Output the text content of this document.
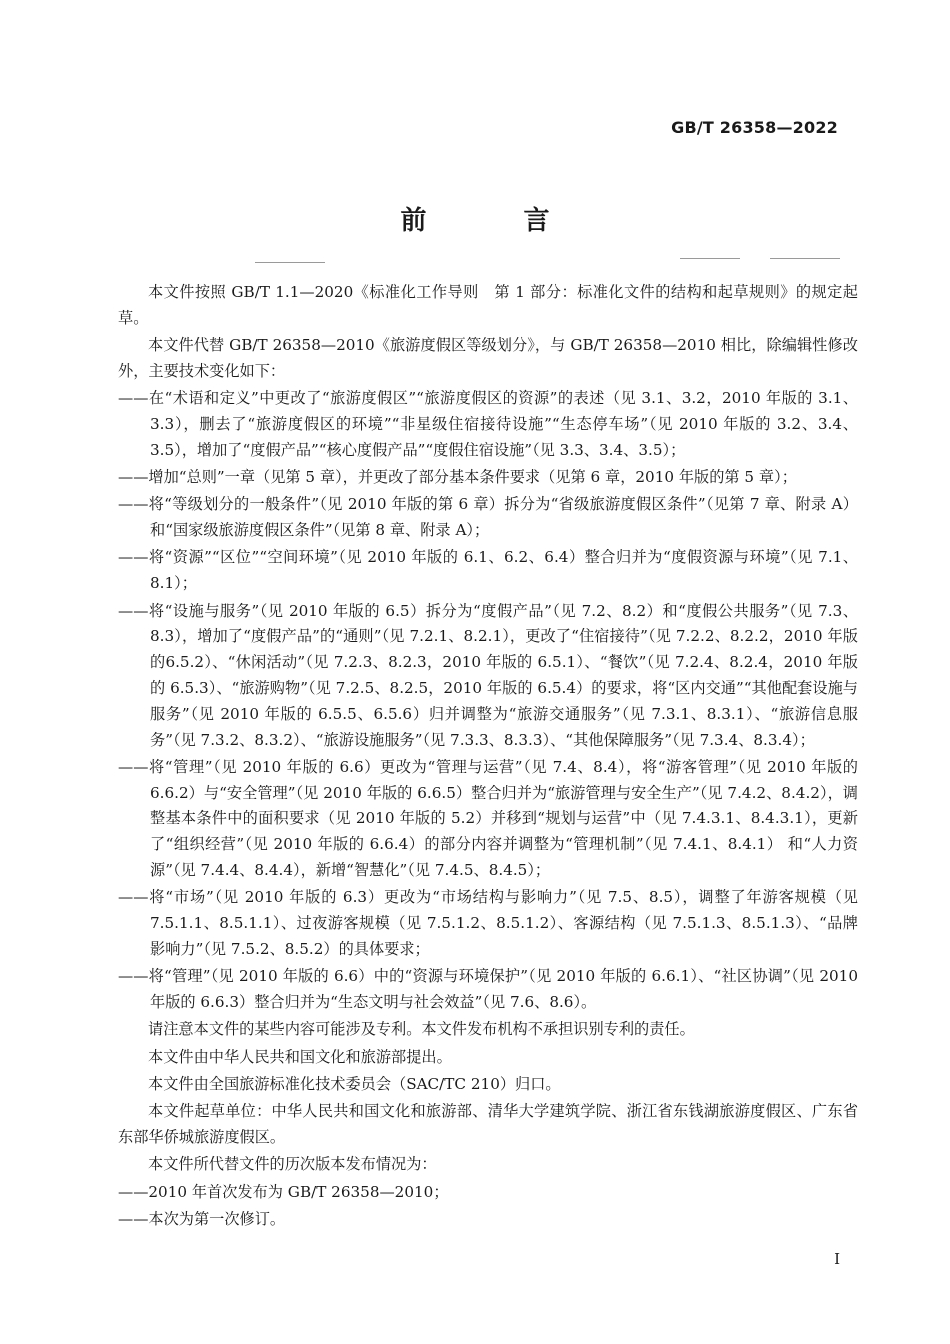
GB/T 26358—2022
前 言

本文件按照 GB/T 1.1—2020《标准化工作导则　第 1 部分：标准化文件的结构和起草规则》的规定起草。

本文件代替 GB/T 26358—2010《旅游度假区等级划分》，与 GB/T 26358—2010 相比，除编辑性修改外，主要技术变化如下：

——在“术语和定义”中更改了“旅游度假区”“旅游度假区的资源”的表述（见 3.1、3.2，2010 年版的 3.1、3.3），删去了“旅游度假区的环境”“非星级住宿接待设施”“生态停车场”（见 2010 年版的 3.2、3.4、3.5），增加了“度假产品”“核心度假产品”“度假住宿设施”（见 3.3、3.4、3.5）；

——增加“总则”一章（见第 5 章），并更改了部分基本条件要求（见第 6 章，2010 年版的第 5 章）；

——将“等级划分的一般条件”（见 2010 年版的第 6 章）拆分为“省级旅游度假区条件”（见第 7 章、附录 A）和“国家级旅游度假区条件”（见第 8 章、附录 A）；

——将“资源”“区位”“空间环境”（见 2010 年版的 6.1、6.2、6.4）整合归并为“度假资源与环境”（见 7.1、8.1）；

——将“设施与服务”（见 2010 年版的 6.5）拆分为“度假产品”（见 7.2、8.2）和“度假公共服务”（见 7.3、8.3），增加了“度假产品”的“通则”（见 7.2.1、8.2.1），更改了“住宿接待”（见 7.2.2、8.2.2，2010 年版的6.5.2）、“休闲活动”（见 7.2.3、8.2.3，2010 年版的 6.5.1）、“餐饮”（见 7.2.4、8.2.4，2010 年版的 6.5.3）、“旅游购物”（见 7.2.5、8.2.5，2010 年版的 6.5.4）的要求，将“区内交通”“其他配套设施与服务”（见 2010 年版的 6.5.5、6.5.6）归并调整为“旅游交通服务”（见 7.3.1、8.3.1）、“旅游信息服务”（见 7.3.2、8.3.2）、“旅游设施服务”（见 7.3.3、8.3.3）、“其他保障服务”（见 7.3.4、8.3.4）；

——将“管理”（见 2010 年版的 6.6）更改为“管理与运营”（见 7.4、8.4），将“游客管理”（见 2010 年版的 6.6.2）与“安全管理”（见 2010 年版的 6.6.5）整合归并为“旅游管理与安全生产”（见 7.4.2、8.4.2），调整基本条件中的面积要求（见 2010 年版的 5.2）并移到“规划与运营”中（见 7.4.3.1、8.4.3.1），更新了“组织经营”（见 2010 年版的 6.6.4）的部分内容并调整为“管理机制”（见 7.4.1、8.4.1） 和“人力资源”（见 7.4.4、8.4.4），新增“智慧化”（见 7.4.5、8.4.5）；

——将“市场”（见 2010 年版的 6.3）更改为“市场结构与影响力”（见 7.5、8.5），调整了年游客规模（见 7.5.1.1、8.5.1.1）、过夜游客规模（见 7.5.1.2、8.5.1.2）、客源结构（见 7.5.1.3、8.5.1.3）、“品牌影响力”（见 7.5.2、8.5.2）的具体要求；

——将“管理”（见 2010 年版的 6.6）中的“资源与环境保护”（见 2010 年版的 6.6.1）、“社区协调”（见 2010 年版的 6.6.3）整合归并为“生态文明与社会效益”（见 7.6、8.6）。

请注意本文件的某些内容可能涉及专利。本文件发布机构不承担识别专利的责任。

本文件由中华人民共和国文化和旅游部提出。

本文件由全国旅游标准化技术委员会（SAC/TC 210）归口。

本文件起草单位：中华人民共和国文化和旅游部、清华大学建筑学院、浙江省东钱湖旅游度假区、广东省东部华侨城旅游度假区。

本文件所代替文件的历次版本发布情况为：

——2010 年首次发布为 GB/T 26358—2010；

——本次为第一次修订。

I
